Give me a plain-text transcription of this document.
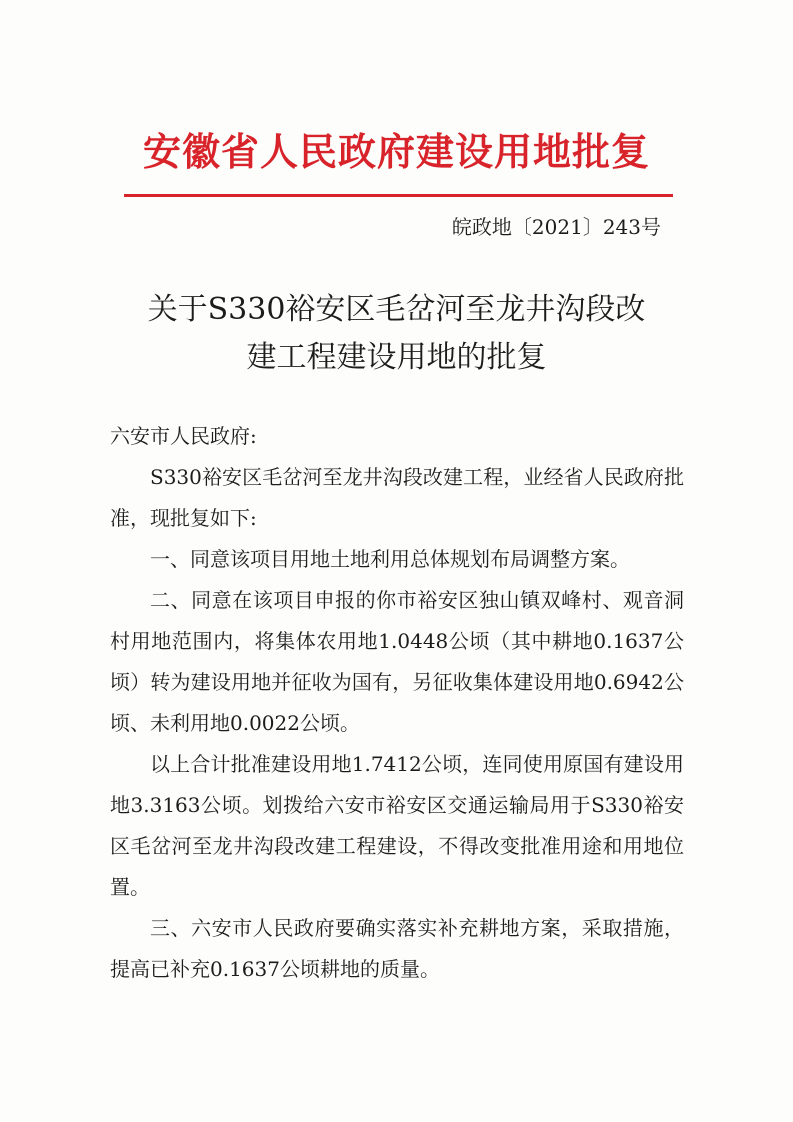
安徽省人民政府建设用地批复
皖政地〔2021〕243号
关于S330裕安区毛岔河至龙井沟段改
建工程建设用地的批复

六安市人民政府:

S330裕安区毛岔河至龙井沟段改建工程，业经省人民政府批准，现批复如下:

一、同意该项目用地土地利用总体规划布局调整方案。

二、同意在该项目申报的你市裕安区独山镇双峰村、观音洞村用地范围内，将集体农用地1.0448公顷（其中耕地0.1637公顷）转为建设用地并征收为国有，另征收集体建设用地0.6942公顷、未利用地0.0022公顷。

以上合计批准建设用地1.7412公顷，连同使用原国有建设用地3.3163公顷。划拨给六安市裕安区交通运输局用于S330裕安区毛岔河至龙井沟段改建工程建设，不得改变批准用途和用地位置。

三、六安市人民政府要确实落实补充耕地方案，采取措施，提高已补充0.1637公顷耕地的质量。
